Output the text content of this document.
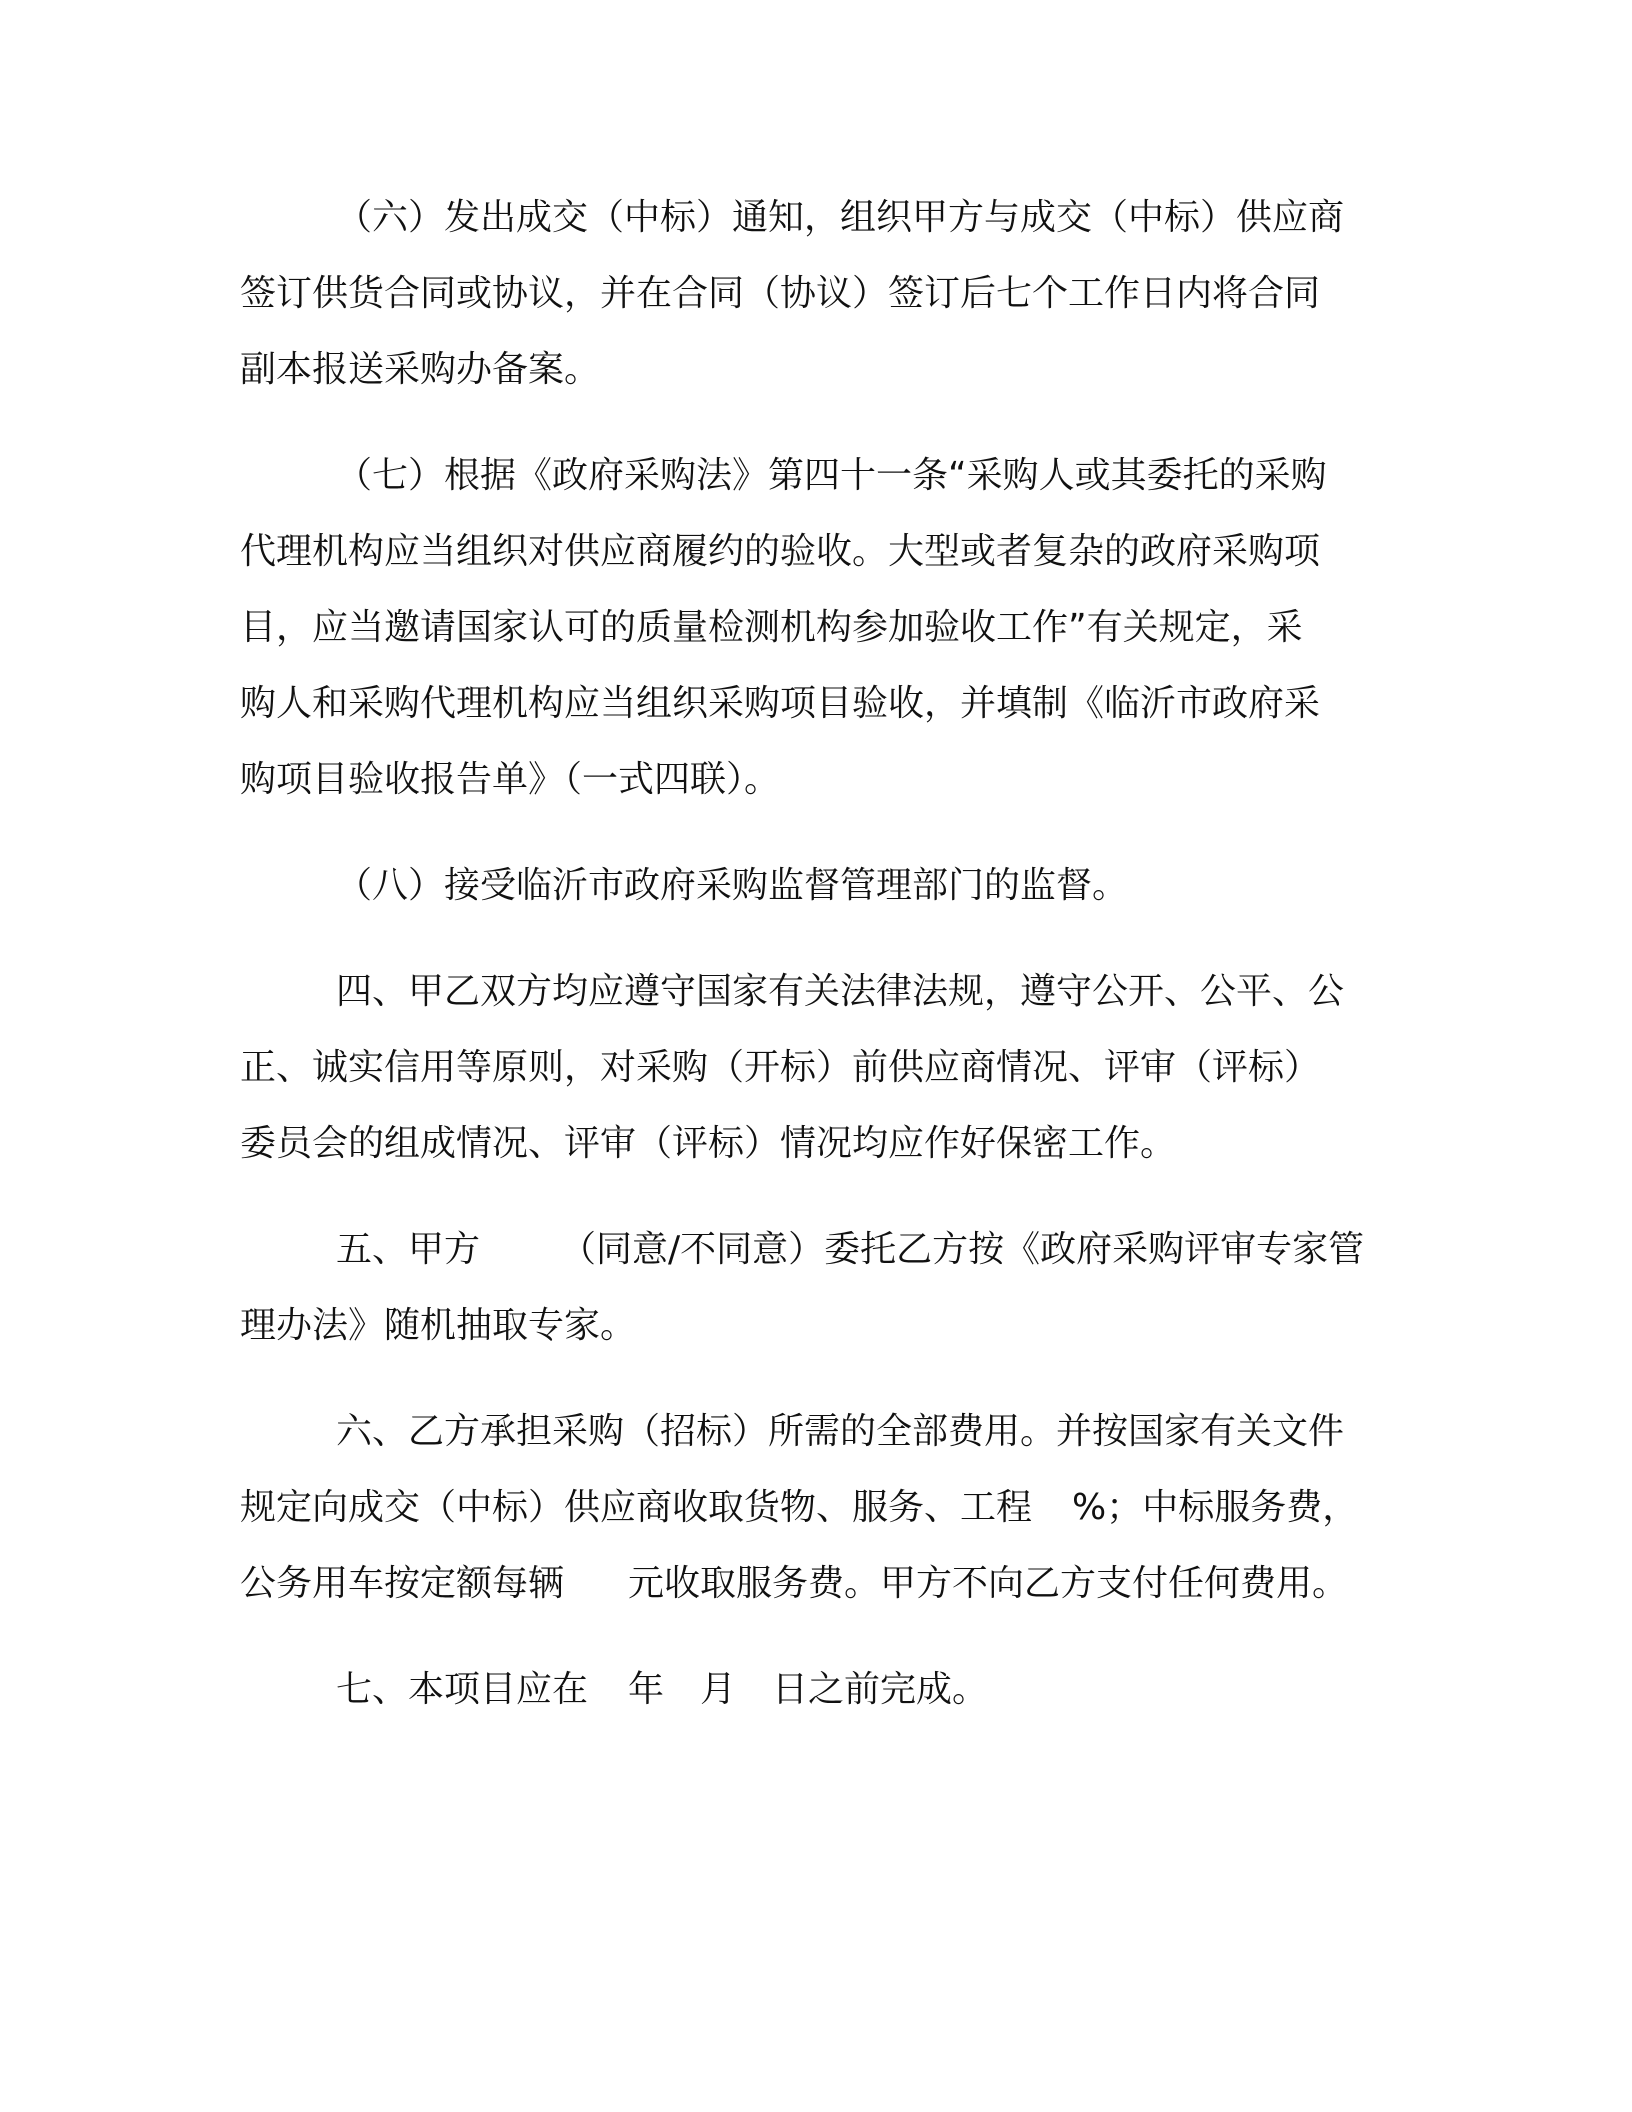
（六）发出成交（中标）通知，组织甲方与成交（中标）供应商
签订供货合同或协议，并在合同（协议）签订后七个工作日内将合同
副本报送采购办备案。
（七）根据《政府采购法》第四十一条“采购人或其委托的采购
代理机构应当组织对供应商履约的验收。大型或者复杂的政府采购项
目，应当邀请国家认可的质量检测机构参加验收工作”有关规定，采
购人和采购代理机构应当组织采购项目验收，并填制《临沂市政府采
购项目验收报告单》（一式四联）。
（八）接受临沂市政府采购监督管理部门的监督。
四、甲乙双方均应遵守国家有关法律法规，遵守公开、公平、公
正、诚实信用等原则，对采购（开标）前供应商情况、评审（评标）
委员会的组成情况、评审（评标）情况均应作好保密工作。
五、甲方 （同意/不同意）委托乙方按《政府采购评审专家管
理办法》随机抽取专家。
六、乙方承担采购（招标）所需的全部费用。并按国家有关文件
规定向成交（中标）供应商收取货物、服务、工程 %；中标服务费，
公务用车按定额每辆 元收取服务费。甲方不向乙方支付任何费用。
七、本项目应在 年 月 日之前完成。
